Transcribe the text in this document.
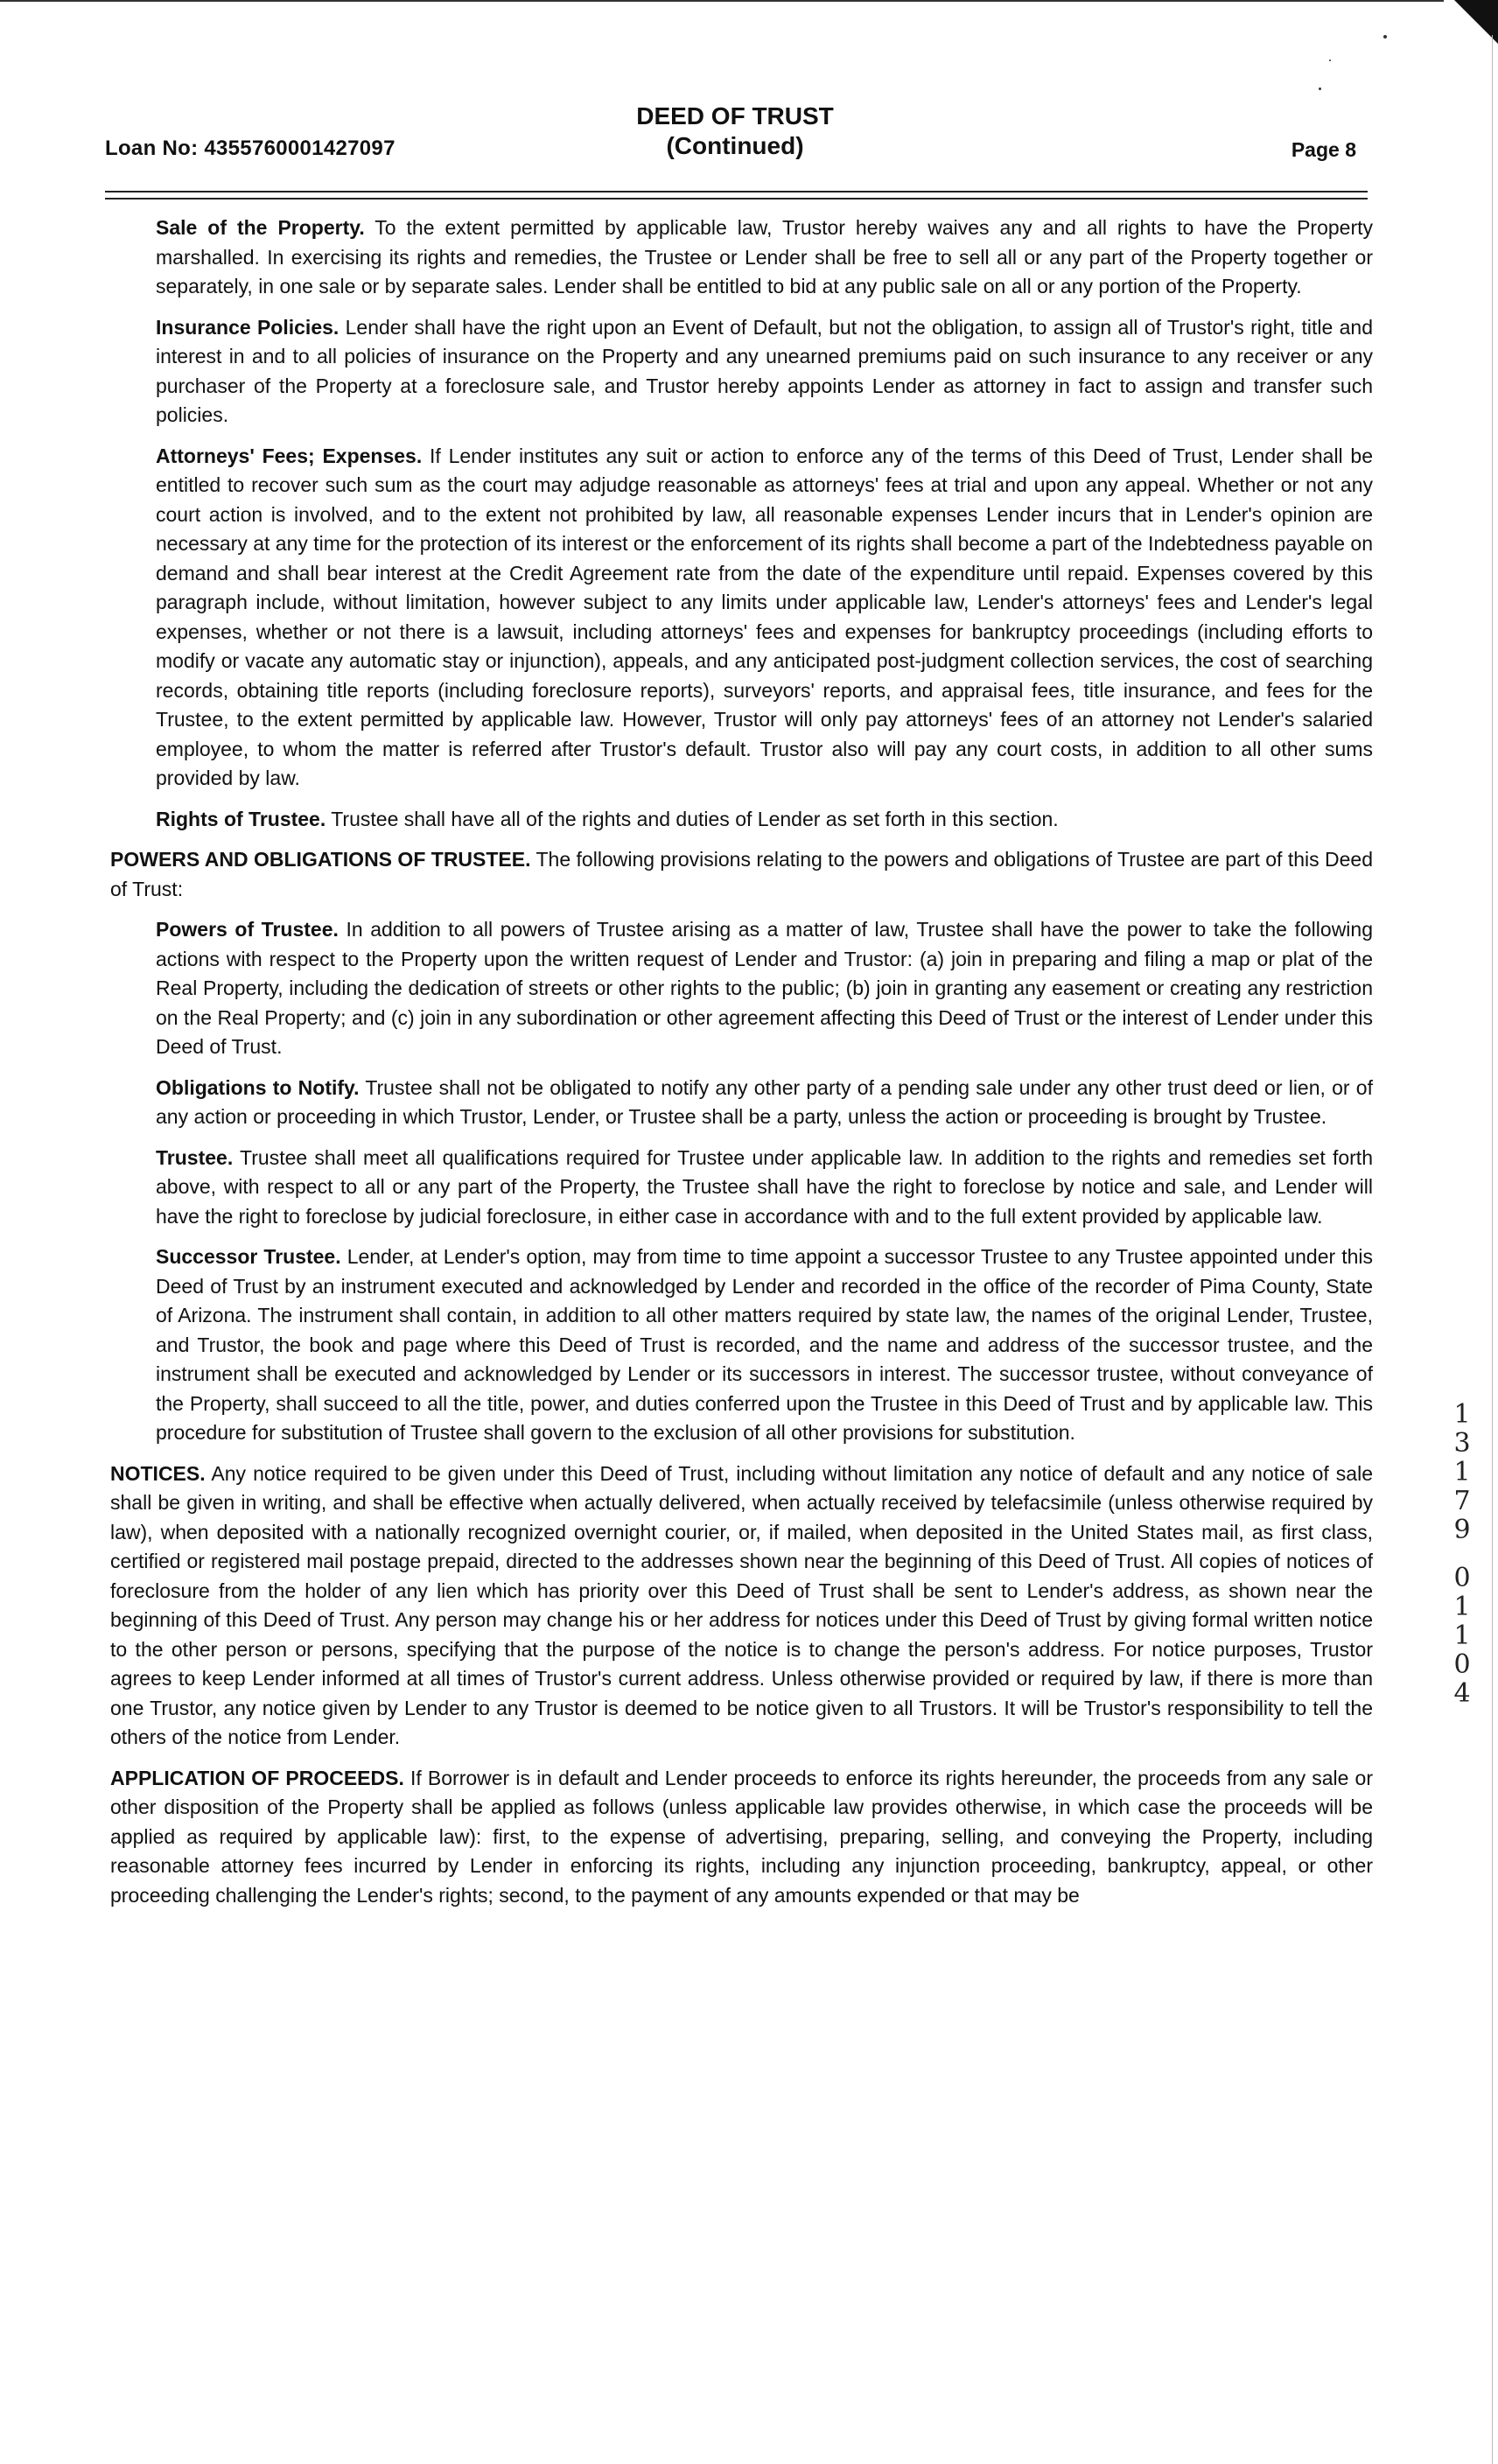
Loan No: 4355760001427097
DEED OF TRUST
(Continued)	Page 8

Sale of the Property. To the extent permitted by applicable law, Trustor hereby waives any and all rights to have the Property marshalled. In exercising its rights and remedies, the Trustee or Lender shall be free to sell all or any part of the Property together or separately, in one sale or by separate sales. Lender shall be entitled to bid at any public sale on all or any portion of the Property.

Insurance Policies. Lender shall have the right upon an Event of Default, but not the obligation, to assign all of Trustor's right, title and interest in and to all policies of insurance on the Property and any unearned premiums paid on such insurance to any receiver or any purchaser of the Property at a foreclosure sale, and Trustor hereby appoints Lender as attorney in fact to assign and transfer such policies.

Attorneys' Fees; Expenses. If Lender institutes any suit or action to enforce any of the terms of this Deed of Trust, Lender shall be entitled to recover such sum as the court may adjudge reasonable as attorneys' fees at trial and upon any appeal. Whether or not any court action is involved, and to the extent not prohibited by law, all reasonable expenses Lender incurs that in Lender's opinion are necessary at any time for the protection of its interest or the enforcement of its rights shall become a part of the Indebtedness payable on demand and shall bear interest at the Credit Agreement rate from the date of the expenditure until repaid. Expenses covered by this paragraph include, without limitation, however subject to any limits under applicable law, Lender's attorneys' fees and Lender's legal expenses, whether or not there is a lawsuit, including attorneys' fees and expenses for bankruptcy proceedings (including efforts to modify or vacate any automatic stay or injunction), appeals, and any anticipated post-judgment collection services, the cost of searching records, obtaining title reports (including foreclosure reports), surveyors' reports, and appraisal fees, title insurance, and fees for the Trustee, to the extent permitted by applicable law. However, Trustor will only pay attorneys' fees of an attorney not Lender's salaried employee, to whom the matter is referred after Trustor's default. Trustor also will pay any court costs, in addition to all other sums provided by law.

Rights of Trustee. Trustee shall have all of the rights and duties of Lender as set forth in this section.

POWERS AND OBLIGATIONS OF TRUSTEE. The following provisions relating to the powers and obligations of Trustee are part of this Deed of Trust:

Powers of Trustee. In addition to all powers of Trustee arising as a matter of law, Trustee shall have the power to take the following actions with respect to the Property upon the written request of Lender and Trustor: (a) join in preparing and filing a map or plat of the Real Property, including the dedication of streets or other rights to the public; (b) join in granting any easement or creating any restriction on the Real Property; and (c) join in any subordination or other agreement affecting this Deed of Trust or the interest of Lender under this Deed of Trust.

Obligations to Notify. Trustee shall not be obligated to notify any other party of a pending sale under any other trust deed or lien, or of any action or proceeding in which Trustor, Lender, or Trustee shall be a party, unless the action or proceeding is brought by Trustee.

Trustee. Trustee shall meet all qualifications required for Trustee under applicable law. In addition to the rights and remedies set forth above, with respect to all or any part of the Property, the Trustee shall have the right to foreclose by notice and sale, and Lender will have the right to foreclose by judicial foreclosure, in either case in accordance with and to the full extent provided by applicable law.

Successor Trustee. Lender, at Lender's option, may from time to time appoint a successor Trustee to any Trustee appointed under this Deed of Trust by an instrument executed and acknowledged by Lender and recorded in the office of the recorder of Pima County, State of Arizona. The instrument shall contain, in addition to all other matters required by state law, the names of the original Lender, Trustee, and Trustor, the book and page where this Deed of Trust is recorded, and the name and address of the successor trustee, and the instrument shall be executed and acknowledged by Lender or its successors in interest. The successor trustee, without conveyance of the Property, shall succeed to all the title, power, and duties conferred upon the Trustee in this Deed of Trust and by applicable law. This procedure for substitution of Trustee shall govern to the exclusion of all other provisions for substitution.

NOTICES. Any notice required to be given under this Deed of Trust, including without limitation any notice of default and any notice of sale shall be given in writing, and shall be effective when actually delivered, when actually received by telefacsimile (unless otherwise required by law), when deposited with a nationally recognized overnight courier, or, if mailed, when deposited in the United States mail, as first class, certified or registered mail postage prepaid, directed to the addresses shown near the beginning of this Deed of Trust. All copies of notices of foreclosure from the holder of any lien which has priority over this Deed of Trust shall be sent to Lender's address, as shown near the beginning of this Deed of Trust. Any person may change his or her address for notices under this Deed of Trust by giving formal written notice to the other person or persons, specifying that the purpose of the notice is to change the person's address. For notice purposes, Trustor agrees to keep Lender informed at all times of Trustor's current address. Unless otherwise provided or required by law, if there is more than one Trustor, any notice given by Lender to any Trustor is deemed to be notice given to all Trustors. It will be Trustor's responsibility to tell the others of the notice from Lender.

APPLICATION OF PROCEEDS. If Borrower is in default and Lender proceeds to enforce its rights hereunder, the proceeds from any sale or other disposition of the Property shall be applied as follows (unless applicable law provides otherwise, in which case the proceeds will be applied as required by applicable law): first, to the expense of advertising, preparing, selling, and conveying the Property, including reasonable attorney fees incurred by Lender in enforcing its rights, including any injunction proceeding, bankruptcy, appeal, or other proceeding challenging the Lender's rights; second, to the payment of any amounts expended or that may be

1
3
1
7
9
0
1
1
0
4
